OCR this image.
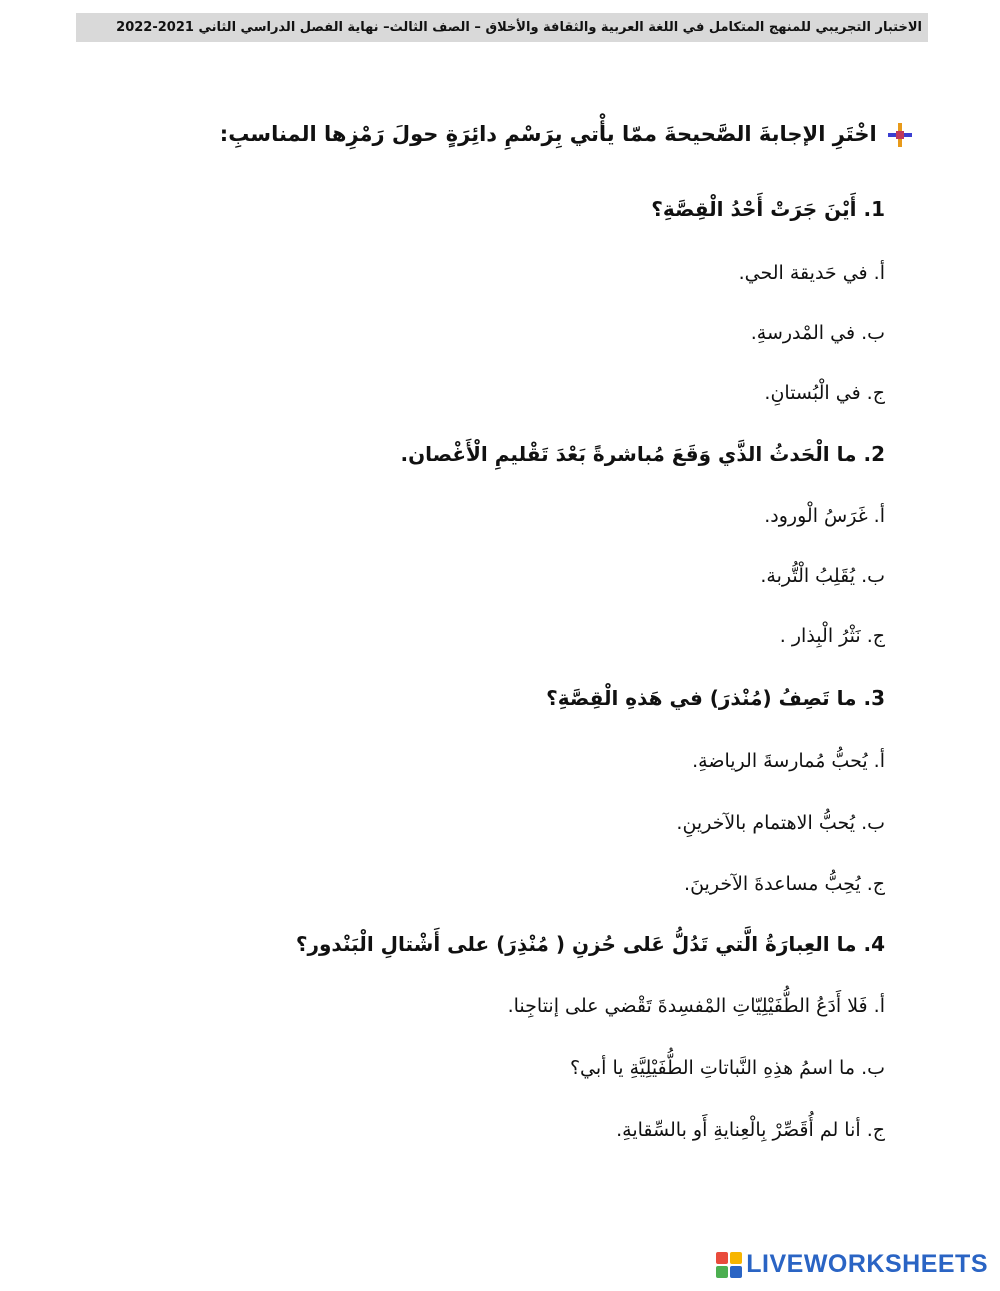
الاختبار التجريبي للمنهج المتكامل في اللغة العربية والثقافة والأخلاق – الصف الثالث– نهاية الفصل الدراسي الثاني 2021-2022
اخْتَرِ الإجابةَ الصَّحيحةَ ممّا يأْتي بِرَسْمِ دائِرَةٍ حولَ رَمْزِها المناسبِ:
1. أَيْنَ جَرَتْ أَحْدُ الْقِصَّةِ؟
أ. في حَديقة الحي.
ب. في المْدرسةِ.
ج. في الْبُستانِ.
2. ما الْحَدثُ الذَّي وَقَعَ مُباشرةً بَعْدَ تَقْليمِ الْأَغْصان.
أ. غَرَسُ الْورود.
ب. يُقَلِبُ الْتُّربة.
ج. نَثْرُ الْبِذار .
3. ما تَصِفُ (مُنْذرَ) في هَذهِ الْقِصَّةِ؟
أ. يُحبُّ مُمارسةَ الرياضةِ.
ب. يُحبُّ الاهتمام بالآخرينِ.
ج. يُحِبُّ مساعدةَ الآخرينَ.
4. ما العِبارَةُ الَّتي تَدُلُّ عَلى حُزنِ ( مُنْذِرَ) على أَشْتالِ الْبَنْدور؟
أ. فَلا أَدَعُ الطُّفَيْلِيّاتِ المْفسِدةَ تَقْضي على إنتاجِنا.
ب. ما اسمُ هذِهِ النَّباتاتِ الطُّفَيْلِيَّةِ يا أبي؟
ج. أنا لم أُقَصِّرْ بِالْعِنايةِ أَو بالسِّقايةِ.
LIVEWORKSHEETS
